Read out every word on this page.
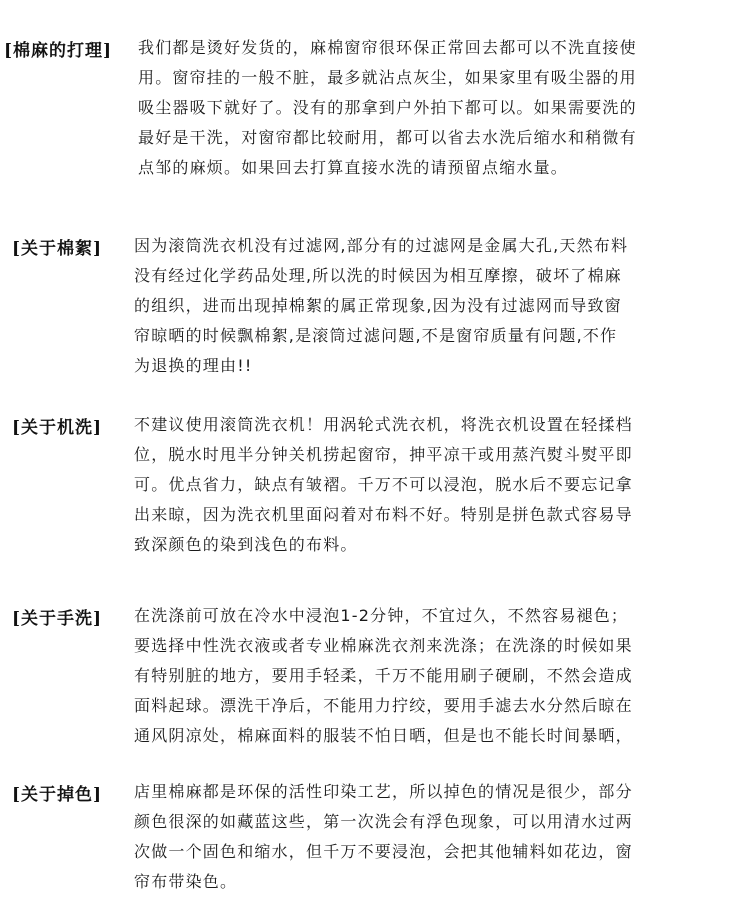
[棉麻的打理] 我们都是烫好发货的，麻棉窗帘很环保正常回去都可以不洗直接使
用。窗帘挂的一般不脏，最多就沾点灰尘，如果家里有吸尘器的用
吸尘器吸下就好了。没有的那拿到户外拍下都可以。如果需要洗的
最好是干洗，对窗帘都比较耐用，都可以省去水洗后缩水和稍微有
点邹的麻烦。如果回去打算直接水洗的请预留点缩水量。
[关于棉絮] 因为滚筒洗衣机没有过滤网,部分有的过滤网是金属大孔,天然布料
没有经过化学药品处理,所以洗的时候因为相互摩擦，破坏了棉麻
的组织，进而出现掉棉絮的属正常现象,因为没有过滤网而导致窗
帘晾晒的时候飘棉絮,是滚筒过滤问题,不是窗帘质量有问题,不作
为退换的理由!!
[关于机洗] 不建议使用滚筒洗衣机！用涡轮式洗衣机，将洗衣机设置在轻揉档
位，脱水时甩半分钟关机捞起窗帘，抻平凉干或用蒸汽熨斗熨平即
可。优点省力，缺点有皱褶。千万不可以浸泡，脱水后不要忘记拿
出来晾，因为洗衣机里面闷着对布料不好。特别是拼色款式容易导
致深颜色的染到浅色的布料。
[关于手洗] 在洗涤前可放在冷水中浸泡1-2分钟，不宜过久，不然容易褪色；
要选择中性洗衣液或者专业棉麻洗衣剂来洗涤；在洗涤的时候如果
有特别脏的地方，要用手轻柔，千万不能用刷子硬刷，不然会造成
面料起球。漂洗干净后，不能用力拧绞，要用手滤去水分然后晾在
通风阴凉处，棉麻面料的服装不怕日晒，但是也不能长时间暴晒，
[关于掉色] 店里棉麻都是环保的活性印染工艺，所以掉色的情况是很少，部分
颜色很深的如藏蓝这些，第一次洗会有浮色现象，可以用清水过两
次做一个固色和缩水，但千万不要浸泡，会把其他辅料如花边，窗
帘布带染色。
